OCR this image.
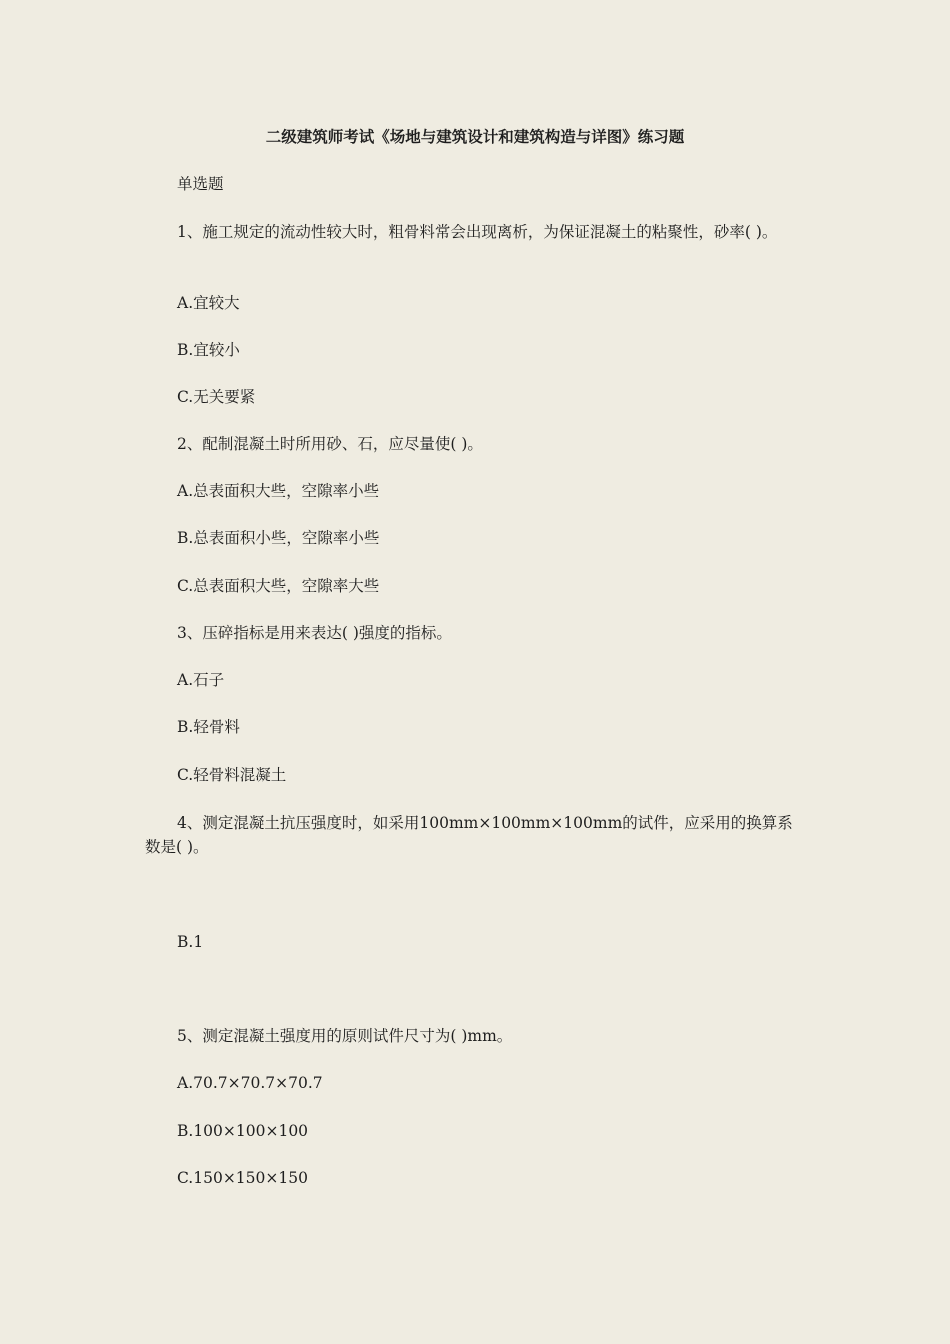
二级建筑师考试《场地与建筑设计和建筑构造与详图》练习题
单选题
1、施工规定的流动性较大时，粗骨料常会出现离析，为保证混凝土的粘聚性，砂率( )。
A.宜较大
B.宜较小
C.无关要紧
2、配制混凝土时所用砂、石，应尽量使( )。
A.总表面积大些，空隙率小些
B.总表面积小些，空隙率小些
C.总表面积大些，空隙率大些
3、压碎指标是用来表达( )强度的指标。
A.石子
B.轻骨料
C.轻骨料混凝土
4、测定混凝土抗压强度时，如采用100mm×100mm×100mm的试件，应采用的换算系数是( )。
B.1
5、测定混凝土强度用的原则试件尺寸为( )mm。
A.70.7×70.7×70.7
B.100×100×100
C.150×150×150
